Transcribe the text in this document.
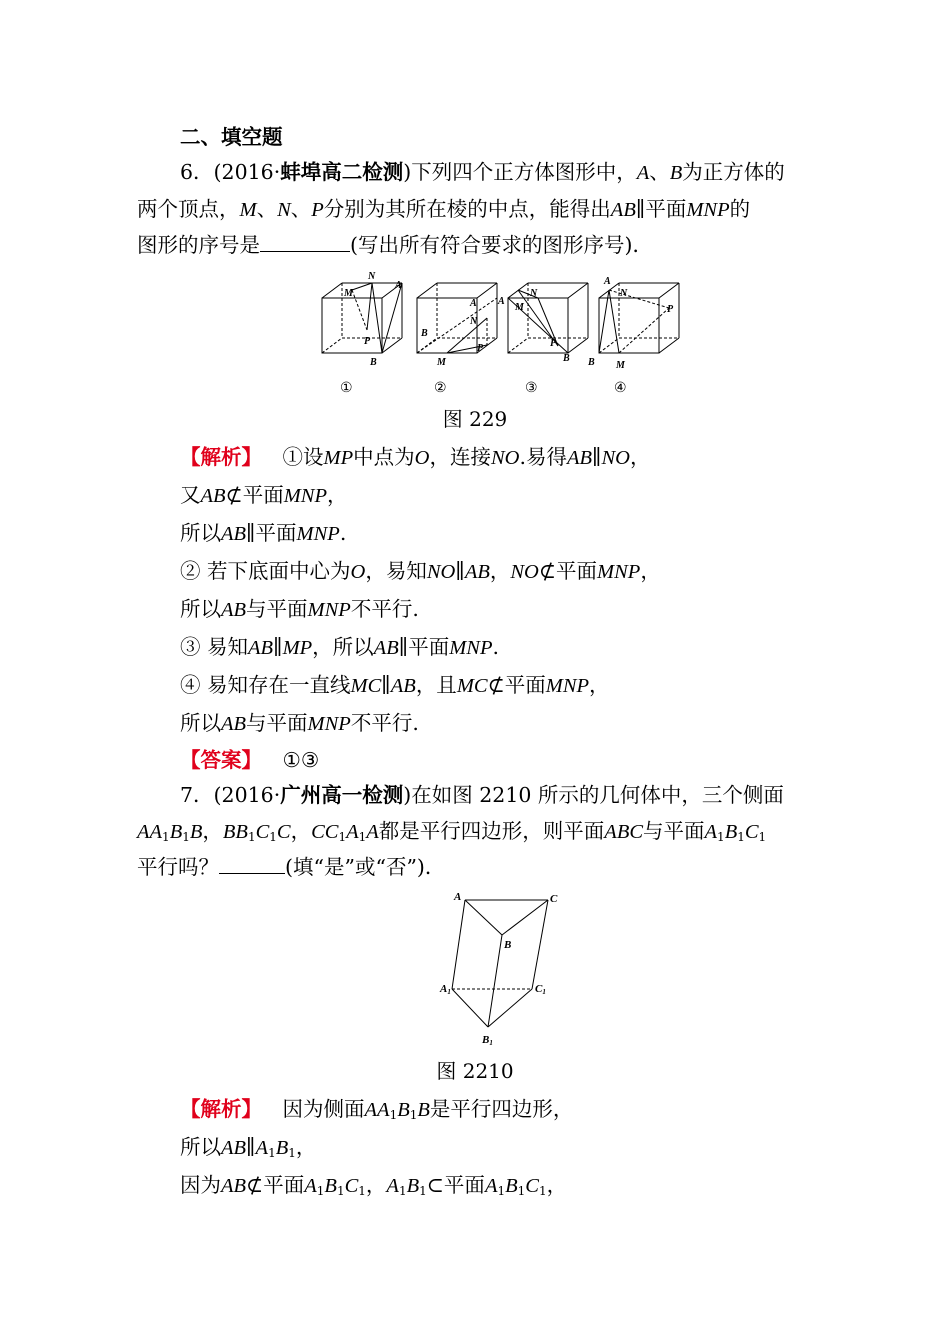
二、填空题
6．(2016·蚌埠高二检测)下列四个正方体图形中，A、B为正方体的
两个顶点，M、N、P分别为其所在棱的中点，能得出AB∥平面MNP的
图形的序号是	(写出所有符合要求的图形序号)．
N
M
A
P
B
A
B
N
P
M
N
A
M
P
B
A
N
P
B M
①	②	③	④
图 229
【解析】 ①设MP中点为O，连接NO.易得AB∥NO，
又AB⊄平面MNP，
所以AB∥平面MNP.
② 若下底面中心为O，易知NO∥AB，NO⊄平面MNP，
所以AB与平面MNP不平行.
③ 易知AB∥MP，所以AB∥平面MNP.
④ 易知存在一直线MC∥AB，且MC⊄平面MNP，
所以AB与平面MNP不平行.
【答案】 ①③
7．(2016·广州高一检测)在如图 2210 所示的几何体中，三个侧面
$AA_1B_1B$，$BB_1C_1C$，$CC_1A_1A$都是平行四边形，则平面ABC与平面$A_1B_1C_1$
平行吗？	(填“是”或“否”)．
A	C
B
A1	C1
B1
图 2210
【解析】 因为侧面$AA_1B_1B$是平行四边形，
所以$AB\parallel A_1B_1$，
因为AB⊄平面$A_1B_1C_1$，$A_1B_1\subset$平面$A_1B_1C_1$，
